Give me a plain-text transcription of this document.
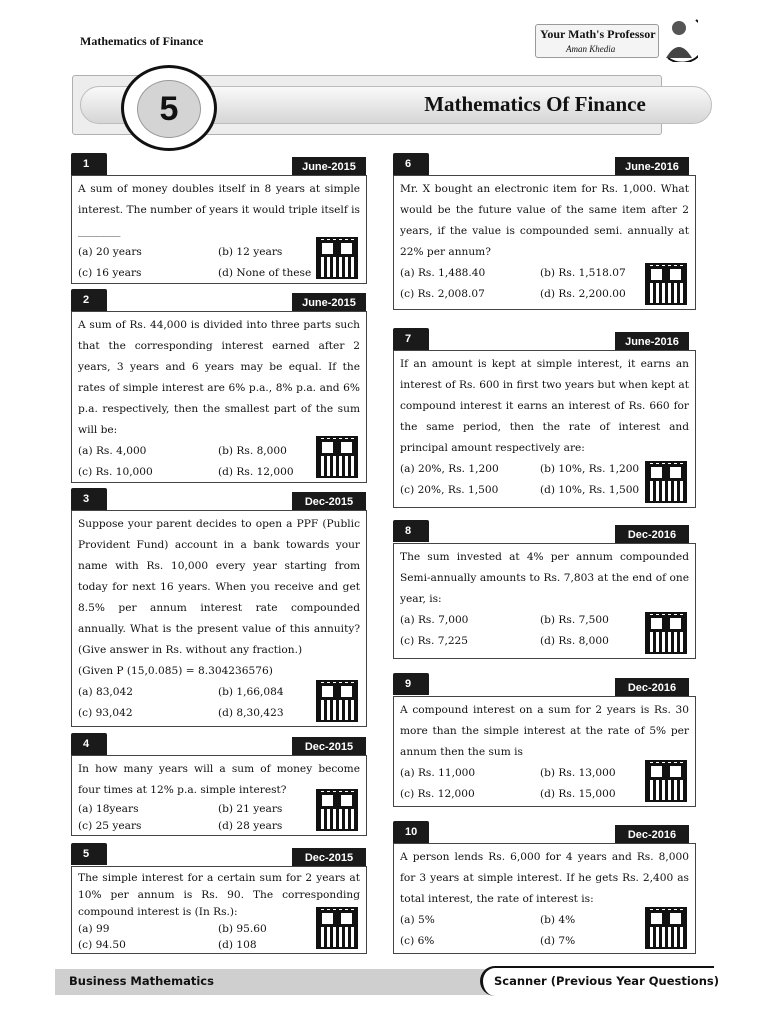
Mathematics of Finance	Your Math's Professor
Aman Khedia
5	Mathematics Of Finance
1	June-2015
A sum of money doubles itself in 8 years at simple interest. The number of years it would triple itself is ________
(a) 20 years	(b) 12 years
(c) 16 years	(d) None of these
2	June-2015
A sum of Rs. 44,000 is divided into three parts such that the corresponding interest earned after 2 years, 3 years and 6 years may be equal. If the rates of simple interest are 6% p.a., 8% p.a. and 6% p.a. respectively, then the smallest part of the sum will be:
(a) Rs. 4,000	(b) Rs. 8,000
(c) Rs. 10,000	(d) Rs. 12,000
3	Dec-2015
Suppose your parent decides to open a PPF (Public Provident Fund) account in a bank towards your name with Rs. 10,000 every year starting from today for next 16 years. When you receive and get 8.5% per annum interest rate compounded annually. What is the present value of this annuity? (Give answer in Rs. without any fraction.)
(Given P (15,0.085) = 8.304236576)
(a) 83,042	(b) 1,66,084
(c) 93,042	(d) 8,30,423
4	Dec-2015
In how many years will a sum of money become four times at 12% p.a. simple interest?
(a) 18years	(b) 21 years
(c) 25 years	(d) 28 years
5	Dec-2015
The simple interest for a certain sum for 2 years at 10% per annum is Rs. 90. The corresponding compound interest is (In Rs.):
(a) 99	(b) 95.60
(c) 94.50	(d) 108
6	June-2016
Mr. X bought an electronic item for Rs. 1,000. What would be the future value of the same item after 2 years, if the value is compounded semi. annually at 22% per annum?
(a) Rs. 1,488.40	(b) Rs. 1,518.07
(c) Rs. 2,008.07	(d) Rs. 2,200.00
7	June-2016
If an amount is kept at simple interest, it earns an interest of Rs. 600 in first two years but when kept at compound interest it earns an interest of Rs. 660 for the same period, then the rate of interest and principal amount respectively are:
(a) 20%, Rs. 1,200	(b) 10%, Rs. 1,200
(c) 20%, Rs. 1,500	(d) 10%, Rs. 1,500
8	Dec-2016
The sum invested at 4% per annum compounded Semi-annually amounts to Rs. 7,803 at the end of one year, is:
(a) Rs. 7,000	(b) Rs. 7,500
(c) Rs. 7,225	(d) Rs. 8,000
9	Dec-2016
A compound interest on a sum for 2 years is Rs. 30 more than the simple interest at the rate of 5% per annum then the sum is
(a) Rs. 11,000	(b) Rs. 13,000
(c) Rs. 12,000	(d) Rs. 15,000
10	Dec-2016
A person lends Rs. 6,000 for 4 years and Rs. 8,000 for 3 years at simple interest. If he gets Rs. 2,400 as total interest, the rate of interest is:
(a) 5%	(b) 4%
(c) 6%	(d) 7%
Business Mathematics	Scanner (Previous Year Questions)
